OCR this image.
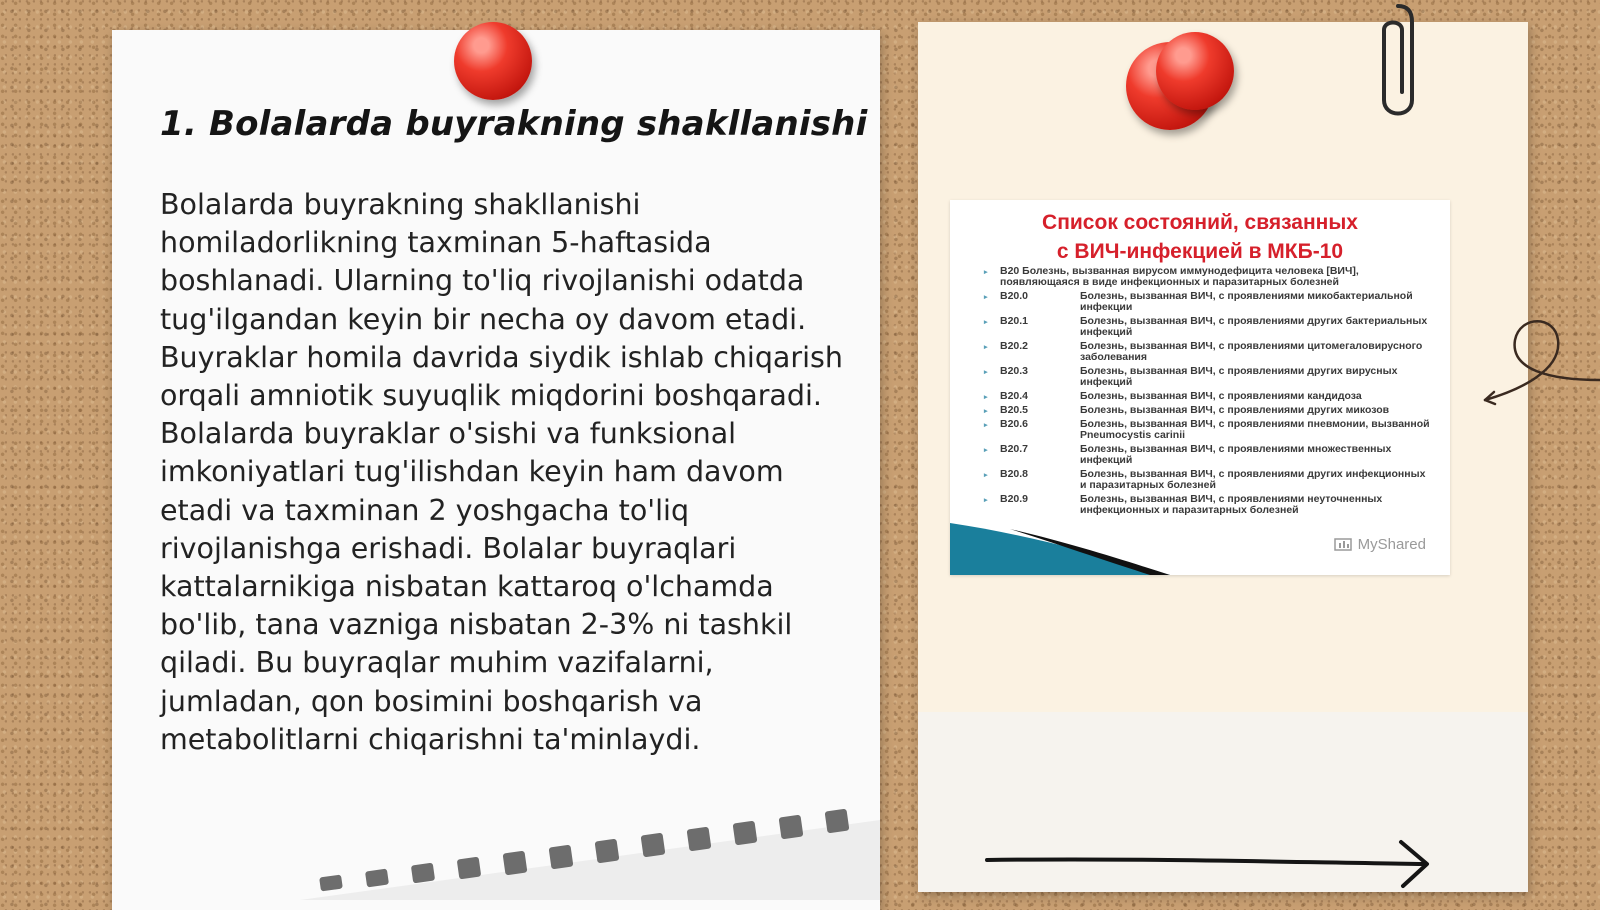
1. Bolalarda buyrakning shakllanishi
Bolalarda buyrakning shakllanishi homiladorlikning taxminan 5-haftasida boshlanadi. Ularning to'liq rivojlanishi odatda tug'ilgandan keyin bir necha oy davom etadi. Buyraklar homila davrida siydik ishlab chiqarish orqali amniotik suyuqlik miqdorini boshqaradi. Bolalarda buyraklar o'sishi va funksional imkoniyatlari tug'ilishdan keyin ham davom etadi va taxminan 2 yoshgacha to'liq rivojlanishga erishadi. Bolalar buyraqlari kattalarnikiga nisbatan kattaroq o'lchamda bo'lib, tana vazniga nisbatan 2-3% ni tashkil qiladi. Bu buyraqlar muhim vazifalarni, jumladan, qon bosimini boshqarish va metabolitlarni chiqarishni ta'minlaydi.
Список состояний, связанных
с ВИЧ-инфекцией в МКБ-10
▸ B20 Болезнь, вызванная вирусом иммунодефицита человека [ВИЧ], появляющаяся в виде инфекционных и паразитарных болезней
▸	B20.0	Болезнь, вызванная ВИЧ, с проявлениями микобактериальной инфекции
▸	B20.1	Болезнь, вызванная ВИЧ, с проявлениями других бактериальных инфекций
▸	B20.2	Болезнь, вызванная ВИЧ, с проявлениями цитомегаловирусного заболевания
▸	B20.3	Болезнь, вызванная ВИЧ, с проявлениями других вирусных инфекций
▸	B20.4	Болезнь, вызванная ВИЧ, с проявлениями кандидоза
▸	B20.5	Болезнь, вызванная ВИЧ, с проявлениями других микозов
▸	B20.6	Болезнь, вызванная ВИЧ, с проявлениями пневмонии, вызванной Pneumocystis carinii
▸	B20.7	Болезнь, вызванная ВИЧ, с проявлениями множественных инфекций
▸	B20.8	Болезнь, вызванная ВИЧ, с проявлениями других инфекционных и паразитарных болезней
▸	B20.9	Болезнь, вызванная ВИЧ, с проявлениями неуточненных инфекционных и паразитарных болезней
MyShared
